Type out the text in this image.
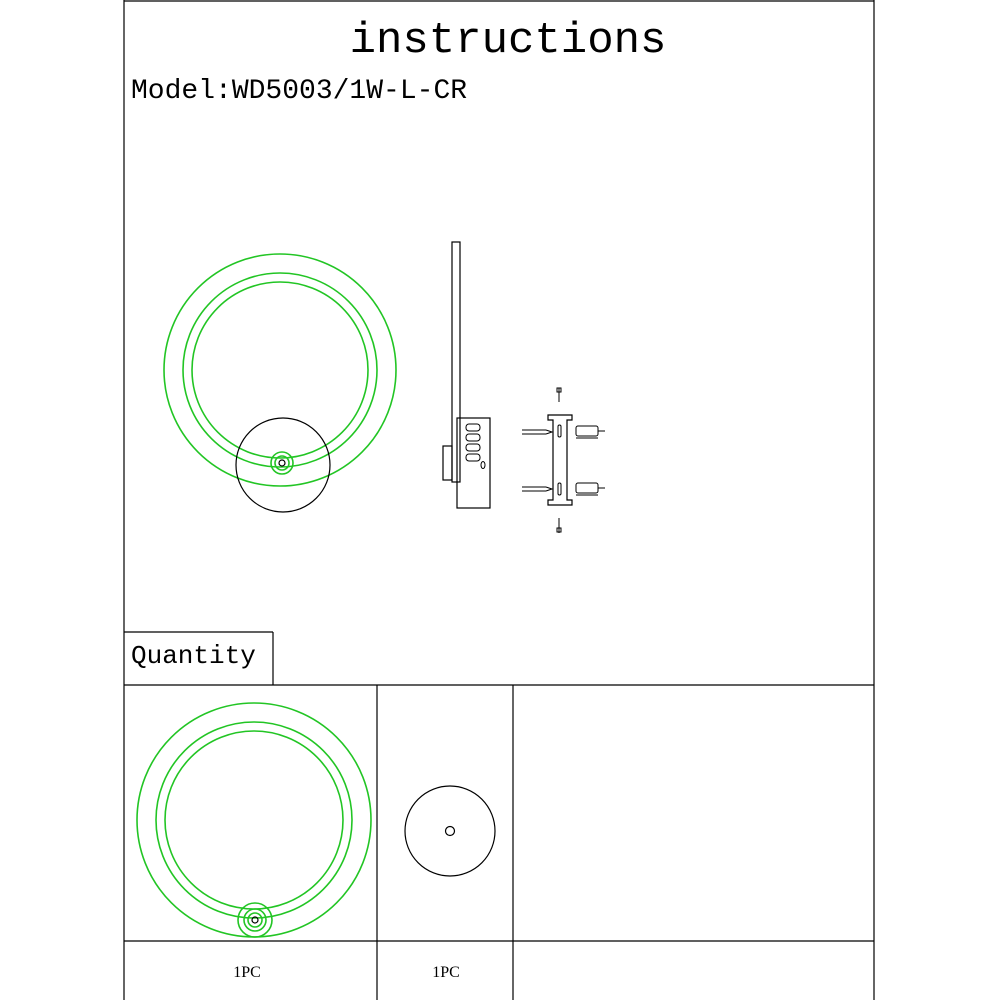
instructions
Model:WD5003/1W-L-CR
Quantity
1PC	1PC
